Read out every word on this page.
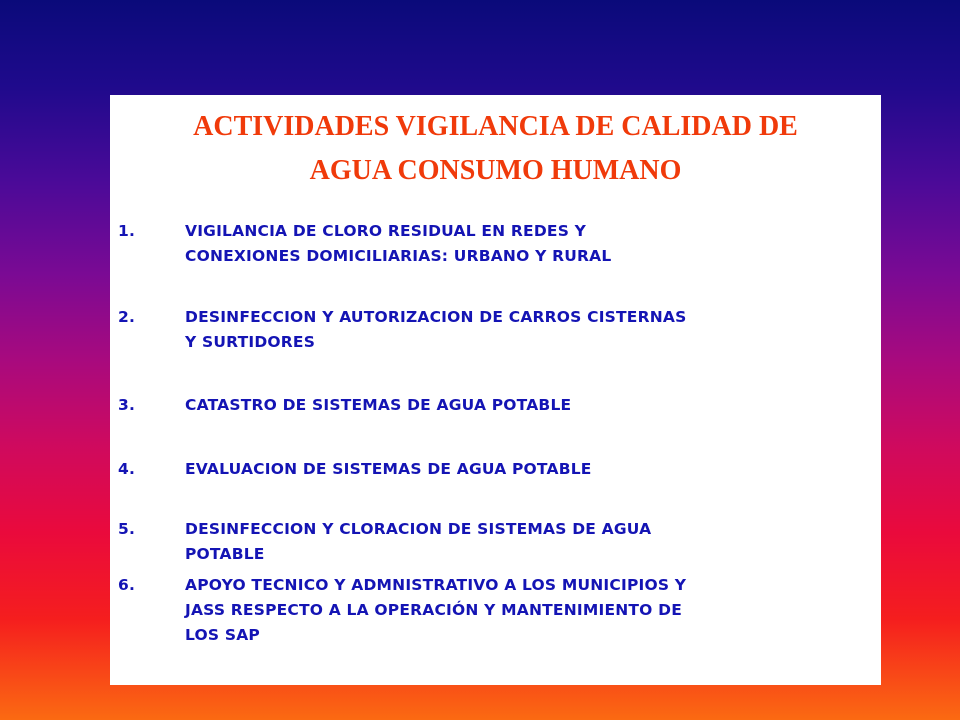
ACTIVIDADES VIGILANCIA DE CALIDAD DE
AGUA CONSUMO HUMANO
1.	VIGILANCIA DE CLORO RESIDUAL EN REDES Y
CONEXIONES DOMICILIARIAS: URBANO Y RURAL
2.	DESINFECCION Y AUTORIZACION DE CARROS CISTERNAS
Y SURTIDORES
3.	CATASTRO DE SISTEMAS DE AGUA POTABLE
4.	EVALUACION DE SISTEMAS DE AGUA POTABLE
5.	DESINFECCION Y CLORACION DE SISTEMAS DE AGUA
POTABLE
6.	APOYO TECNICO Y ADMNISTRATIVO A LOS MUNICIPIOS Y
JASS RESPECTO A LA OPERACIÓN Y MANTENIMIENTO DE
LOS SAP
